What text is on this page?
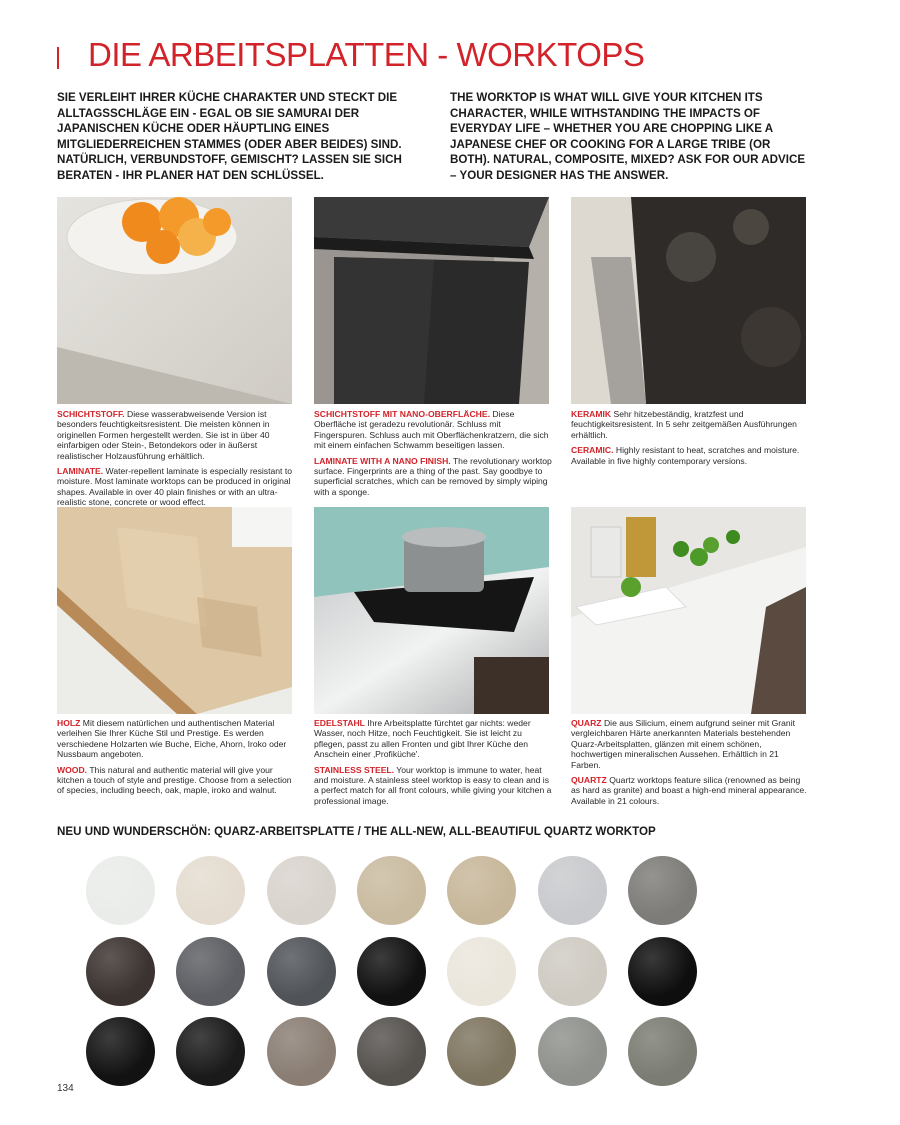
DIE ARBEITSPLATTEN - WORKTOPS
SIE VERLEIHT IHRER KÜCHE CHARAKTER UND STECKT DIE ALLTAGSSCHLÄGE EIN - EGAL OB SIE SAMURAI DER JAPANISCHEN KÜCHE ODER HÄUPTLING EINES MITGLIEDERREICHEN STAMMES (ODER ABER BEIDES) SIND. NATÜRLICH, VERBUNDSTOFF, GEMISCHT? LASSEN SIE SICH BERATEN - IHR PLANER HAT DEN SCHLÜSSEL.
THE WORKTOP IS WHAT WILL GIVE YOUR KITCHEN ITS CHARACTER, WHILE WITHSTANDING THE IMPACTS OF EVERYDAY LIFE – WHETHER YOU ARE CHOPPING LIKE A JAPANESE CHEF OR COOKING FOR A LARGE TRIBE (OR BOTH). NATURAL, COMPOSITE, MIXED? ASK FOR OUR ADVICE – YOUR DESIGNER HAS THE ANSWER.

SCHICHTSTOFF. Diese wasserabweisende Version ist besonders feuchtigkeitsresistent. Die meisten können in originellen Formen hergestellt werden. Sie ist in über 40 einfarbigen oder Stein-, Betondekors oder in äußerst realistischer Holzausführung erhältlich.

LAMINATE. Water-repellent laminate is especially resistant to moisture. Most laminate worktops can be produced in original shapes. Available in over 40 plain finishes or with an ultra-realistic stone, concrete or wood effect.

SCHICHTSTOFF MIT NANO-OBERFLÄCHE. Diese Oberfläche ist geradezu revolutionär. Schluss mit Fingerspuren. Schluss auch mit Oberflächenkratzern, die sich mit einem einfachen Schwamm beseitigen lassen.

LAMINATE WITH A NANO FINISH. The revolutionary worktop surface. Fingerprints are a thing of the past. Say goodbye to superficial scratches, which can be removed by simply wiping with a sponge.

KERAMIK Sehr hitzebeständig, kratzfest und feuchtigkeitsresistent. In 5 sehr zeitgemäßen Ausführungen erhältlich.

CERAMIC. Highly resistant to heat, scratches and moisture. Available in five highly contemporary versions.

HOLZ Mit diesem natürlichen und authentischen Material verleihen Sie Ihrer Küche Stil und Prestige. Es werden verschiedene Holzarten wie Buche, Eiche, Ahorn, Iroko oder Nussbaum angeboten.

WOOD. This natural and authentic material will give your kitchen a touch of style and prestige. Choose from a selection of species, including beech, oak, maple, iroko and walnut.

EDELSTAHL Ihre Arbeitsplatte fürchtet gar nichts: weder Wasser, noch Hitze, noch Feuchtigkeit. Sie ist leicht zu pflegen, passt zu allen Fronten und gibt Ihrer Küche den Anschein einer ‚Profiküche'.

STAINLESS STEEL. Your worktop is immune to water, heat and moisture. A stainless steel worktop is easy to clean and is a perfect match for all front colours, while giving your kitchen a professional image.

QUARZ Die aus Silicium, einem aufgrund seiner mit Granit vergleichbaren Härte anerkannten Materials bestehenden Quarz-Arbeitsplatten, glänzen mit einem schönen, hochwertigen mineralischen Aussehen. Erhältlich in 21 Farben.

QUARTZ Quartz worktops feature silica (renowned as being as hard as granite) and boast a high-end mineral appearance. Available in 21 colours.

NEU UND WUNDERSCHÖN: QUARZ-ARBEITSPLATTE / THE ALL-NEW, ALL-BEAUTIFUL QUARTZ WORKTOP
134
